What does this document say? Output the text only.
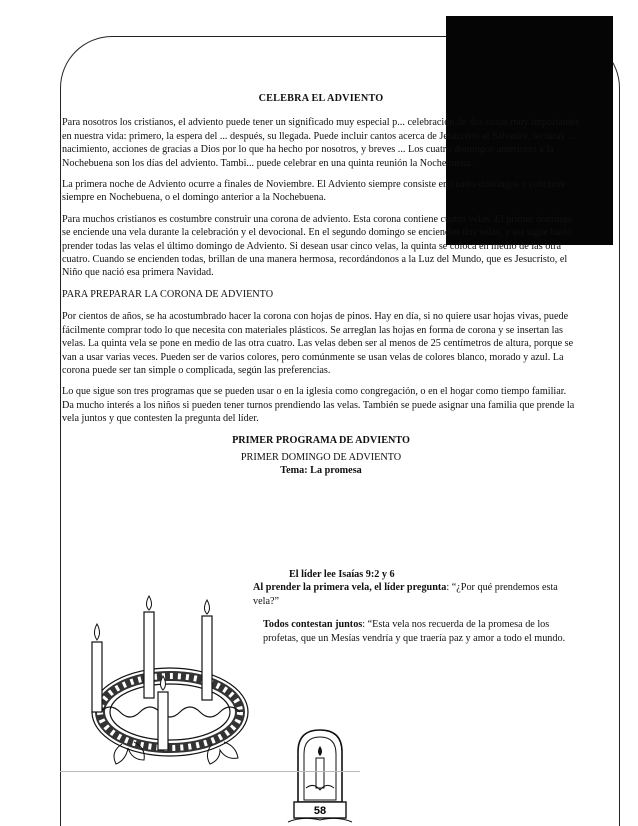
CELEBRA EL ADVIENTO

Para nosotros los cristianos, el adviento puede tener un significado muy especial p... celebración de dos cosas muy importantes en nuestra vida: primero, la espera del ... después, su llegada. Puede incluir cantos acerca de Jesucristo el Salvador, lecturas ... nacimiento, acciones de gracias a Dios por lo que ha hecho por nosotros, y breves ... Los cuatro domingos anteriores a la Nochebuena son los días del adviento. Tambi... puede celebrar en una quinta reunión la Nochebuena.

La primera noche de Adviento ocurre a finales de Noviembre. El Adviento siempre consiste en cuatro domingos y concluye siempre en Nochebuena, o el domingo anterior a la Nochebuena.

Para muchos cristianos es costumbre construir una corona de adviento. Esta corona contiene cuatro velas. El primer domingo se enciende una vela durante la celebración y el devocional. En el segundo domingo se encienden dos velas, y así sigue hasta prender todas las velas el último domingo de Adviento. Si desean usar cinco velas, la quinta se coloca en medio de las otra cuatro. Cuando se encienden todas, brillan de una manera hermosa, recordándonos a la Luz del Mundo, que es Jesucristo, el Niño que nació esa primera Navidad.

PARA PREPARAR LA CORONA DE ADVIENTO

Por cientos de años, se ha acostumbrado hacer la corona con hojas de pinos. Hay en día, si no quiere usar hojas vivas, puede fácilmente comprar todo lo que necesita con materiales plásticos. Se arreglan las hojas en forma de corona y se insertan las velas. La quinta vela se pone en medio de las otra cuatro. Las velas deben ser al menos de 25 centímetros de altura, porque se van a usar varias veces. Pueden ser de varios colores, pero comúnmente se usan velas de colores blanco, morado y azul. La corona puede ser tan simple o complicada, según las preferencias.

Lo que sigue son tres programas que se pueden usar o en la iglesia como congregación, o en el hogar como tiempo familiar. Da mucho interés a los niños si pueden tener turnos prendiendo las velas. También se puede asignar una familia que prende la vela juntos y que contesten la pregunta del líder.

PRIMER PROGRAMA DE ADVIENTO

PRIMER DOMINGO DE ADVIENTO

Tema: La promesa

El líder lee Isaías 9:2 y 6

Al prender la primera vela, el líder pregunta: “¿Por qué prendemos esta vela?”

Todos contestan juntos: “Esta vela nos recuerda de la promesa de los profetas, que un Mesías vendría y que traería paz y amor a todo el mundo.

58
